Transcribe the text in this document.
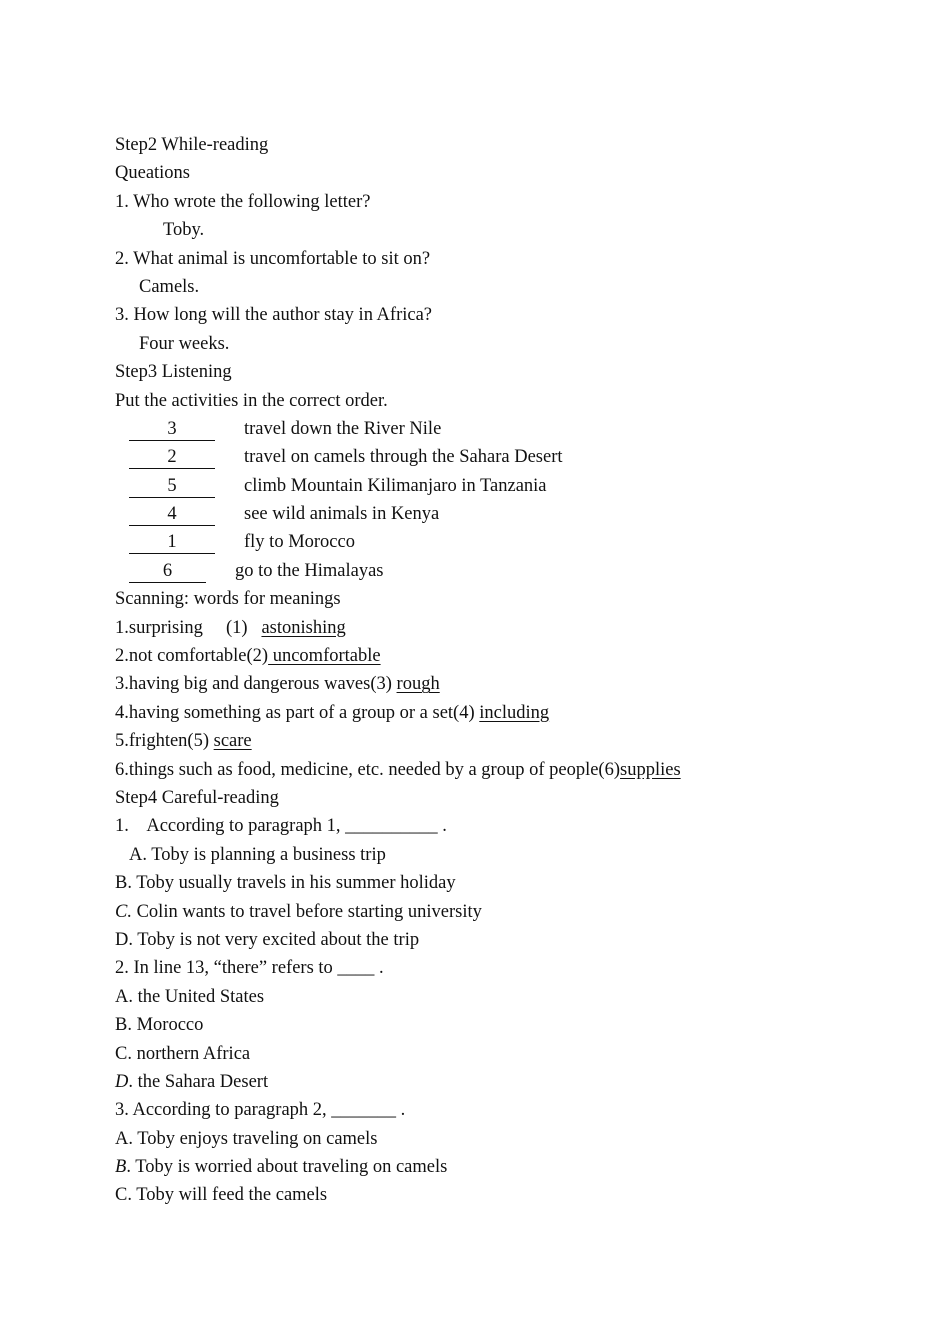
Step2 While-reading
Queations
1. Who wrote the following letter?
Toby.
2. What animal is uncomfortable to sit on?
Camels.
3. How long will the author stay in Africa?
Four weeks.
Step3 Listening
Put the activities in the correct order.
3	travel down the River Nile
2	travel on camels through the Sahara Desert
5	climb Mountain Kilimanjaro in Tanzania
4	see wild animals in Kenya
1	fly to Morocco
6	go to the Himalayas
Scanning: words for meanings
1.surprising     (1)   astonishing
2.not comfortable(2) uncomfortable
3.having big and dangerous waves(3) rough
4.having something as part of a group or a set(4) including
5.frighten(5) scare
6.things such as food, medicine, etc. needed by a group of people(6)supplies
Step4 Careful-reading
1.    According to paragraph 1, __________ .
A. Toby is planning a business trip
B. Toby usually travels in his summer holiday
C. Colin wants to travel before starting university
D. Toby is not very excited about the trip
2. In line 13, “there” refers to ____ .
A. the United States
B. Morocco
C. northern Africa
D. the Sahara Desert
3. According to paragraph 2, _______ .
A. Toby enjoys traveling on camels
B. Toby is worried about traveling on camels
C. Toby will feed the camels
